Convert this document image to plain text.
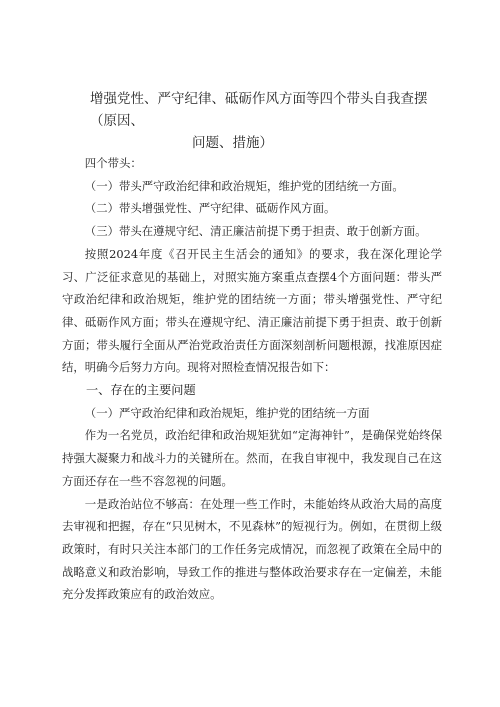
增强党性、严守纪律、砥砺作风方面等四个带头自我查摆（原因、
问题、措施）

四个带头：

（一）带头严守政治纪律和政治规矩，维护党的团结统一方面。

（二）带头增强党性、严守纪律、砥砺作风方面。

（三）带头在遵规守纪、清正廉洁前提下勇于担责、敢于创新方面。

按照2024年度《召开民主生活会的通知》的要求，我在深化理论学习、广泛征求意见的基础上，对照实施方案重点查摆4个方面问题：带头严守政治纪律和政治规矩，维护党的团结统一方面；带头增强党性、严守纪律、砥砺作风方面；带头在遵规守纪、清正廉洁前提下勇于担责、敢于创新方面；带头履行全面从严治党政治责任方面深刻剖析问题根源，找准原因症结，明确今后努力方向。现将对照检查情况报告如下：

一、存在的主要问题

（一）严守政治纪律和政治规矩，维护党的团结统一方面

作为一名党员，政治纪律和政治规矩犹如“定海神针”，是确保党始终保持强大凝聚力和战斗力的关键所在。然而，在我自审视中，我发现自己在这方面还存在一些不容忽视的问题。

一是政治站位不够高：在处理一些工作时，未能始终从政治大局的高度去审视和把握，存在“只见树木，不见森林”的短视行为。例如，在贯彻上级政策时，有时只关注本部门的工作任务完成情况，而忽视了政策在全局中的战略意义和政治影响，导致工作的推进与整体政治要求存在一定偏差，未能充分发挥政策应有的政治效应。
